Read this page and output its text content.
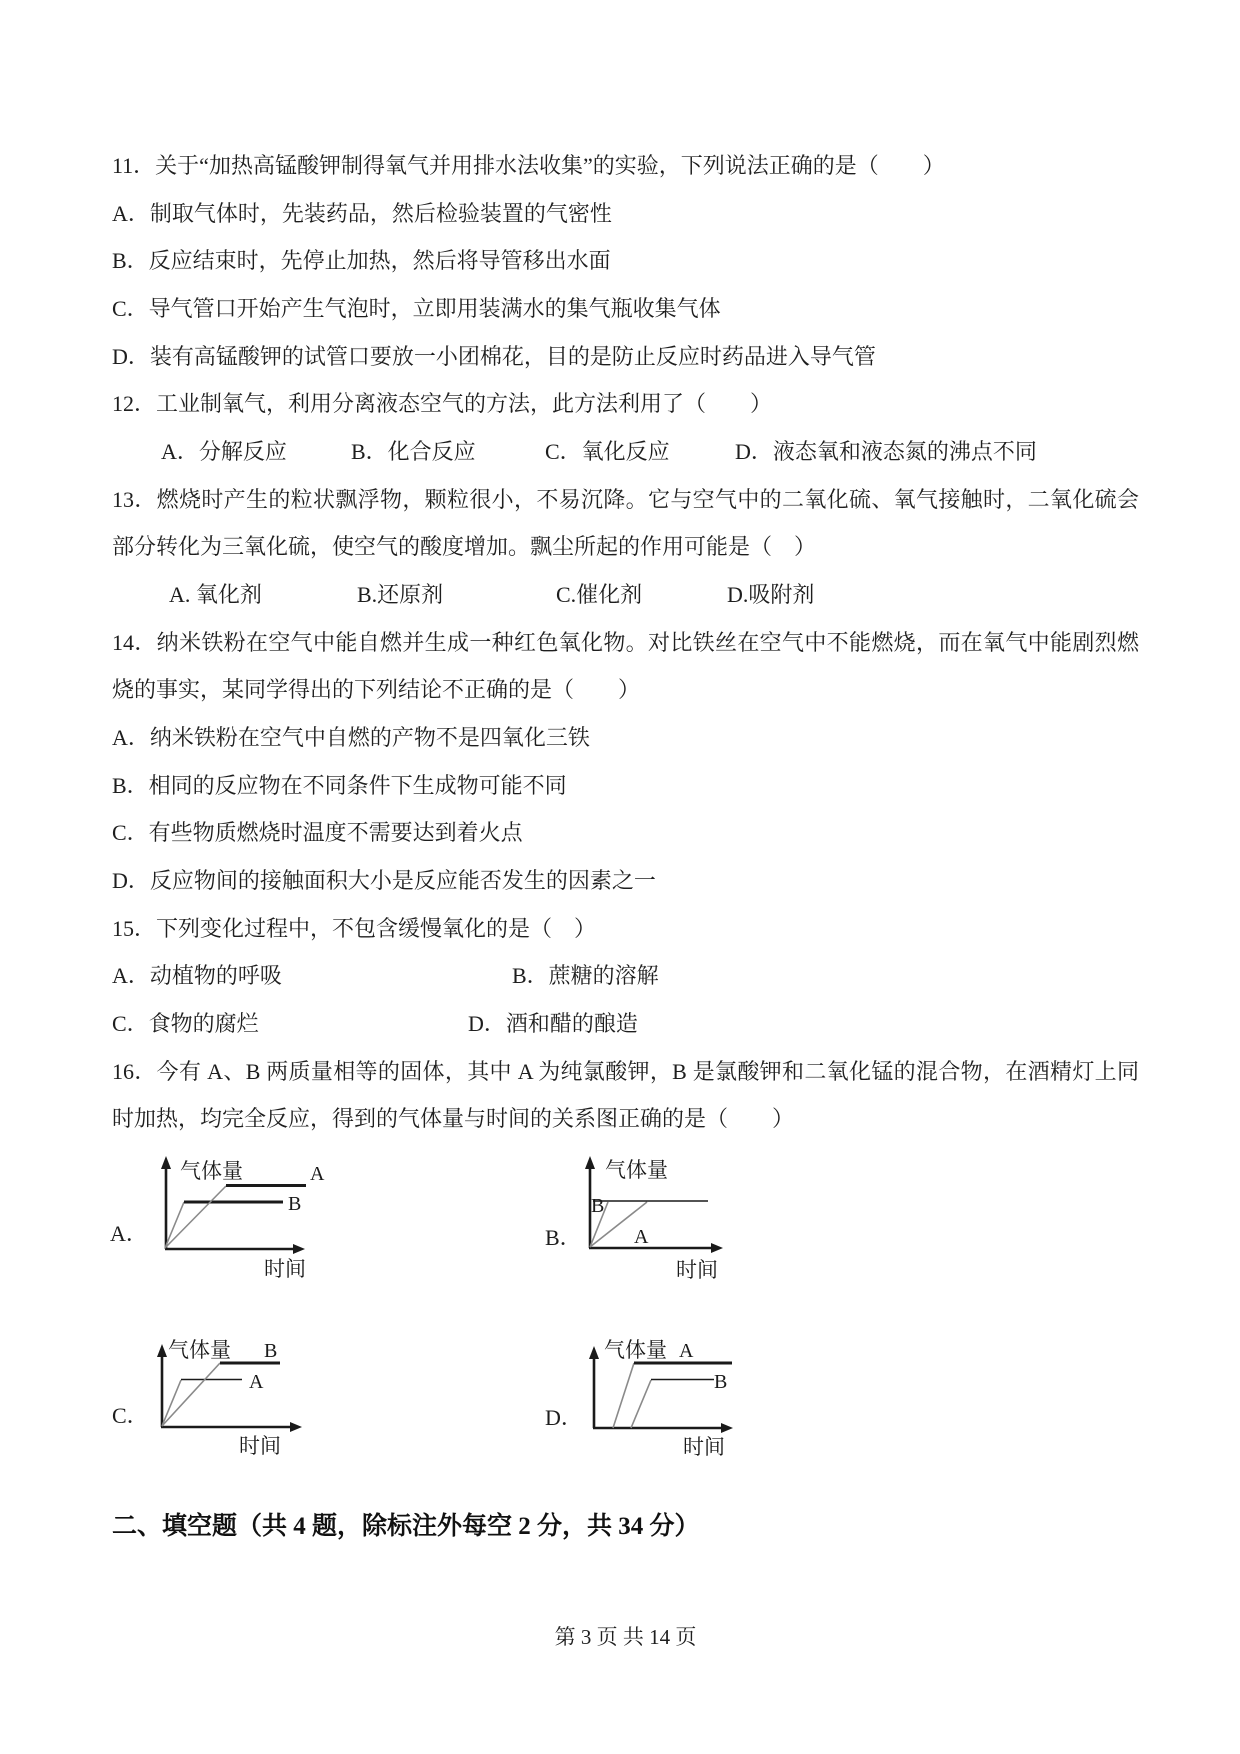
11．关于“加热高锰酸钾制得氧气并用排水法收集”的实验，下列说法正确的是（　　）
A．制取气体时，先装药品，然后检验装置的气密性
B．反应结束时，先停止加热，然后将导管移出水面
C．导气管口开始产生气泡时，立即用装满水的集气瓶收集气体
D．装有高锰酸钾的试管口要放一小团棉花，目的是防止反应时药品进入导气管
12．工业制氧气，利用分离液态空气的方法，此方法利用了（　　）
A．分解反应	B．化合反应	C．氧化反应	D．液态氧和液态氮的沸点不同
13．燃烧时产生的粒状飘浮物，颗粒很小，不易沉降。它与空气中的二氧化硫、氧气接触时，二氧化硫会
部分转化为三氧化硫，使空气的酸度增加。飘尘所起的作用可能是（　）
A. 氧化剂	B.还原剂	C.催化剂	D.吸附剂
14．纳米铁粉在空气中能自燃并生成一种红色氧化物。对比铁丝在空气中不能燃烧，而在氧气中能剧烈燃
烧的事实，某同学得出的下列结论不正确的是（　　）
A．纳米铁粉在空气中自燃的产物不是四氧化三铁
B．相同的反应物在不同条件下生成物可能不同
C．有些物质燃烧时温度不需要达到着火点
D．反应物间的接触面积大小是反应能否发生的因素之一
15．下列变化过程中，不包含缓慢氧化的是（　）
A．动植物的呼吸	B．蔗糖的溶解
C．食物的腐烂	D．酒和醋的酿造
16．今有 A、B 两质量相等的固体，其中 A 为纯氯酸钾，B 是氯酸钾和二氧化锰的混合物，在酒精灯上同
时加热，均完全反应，得到的气体量与时间的关系图正确的是（　　）
A．
气体量
时间
A
B
B．
气体量
时间
B
A
C．
气体量
时间
B
A
D．
气体量
时间
A
B
二、填空题（共 4 题，除标注外每空 2 分，共 34 分）
第 3 页 共 14 页
